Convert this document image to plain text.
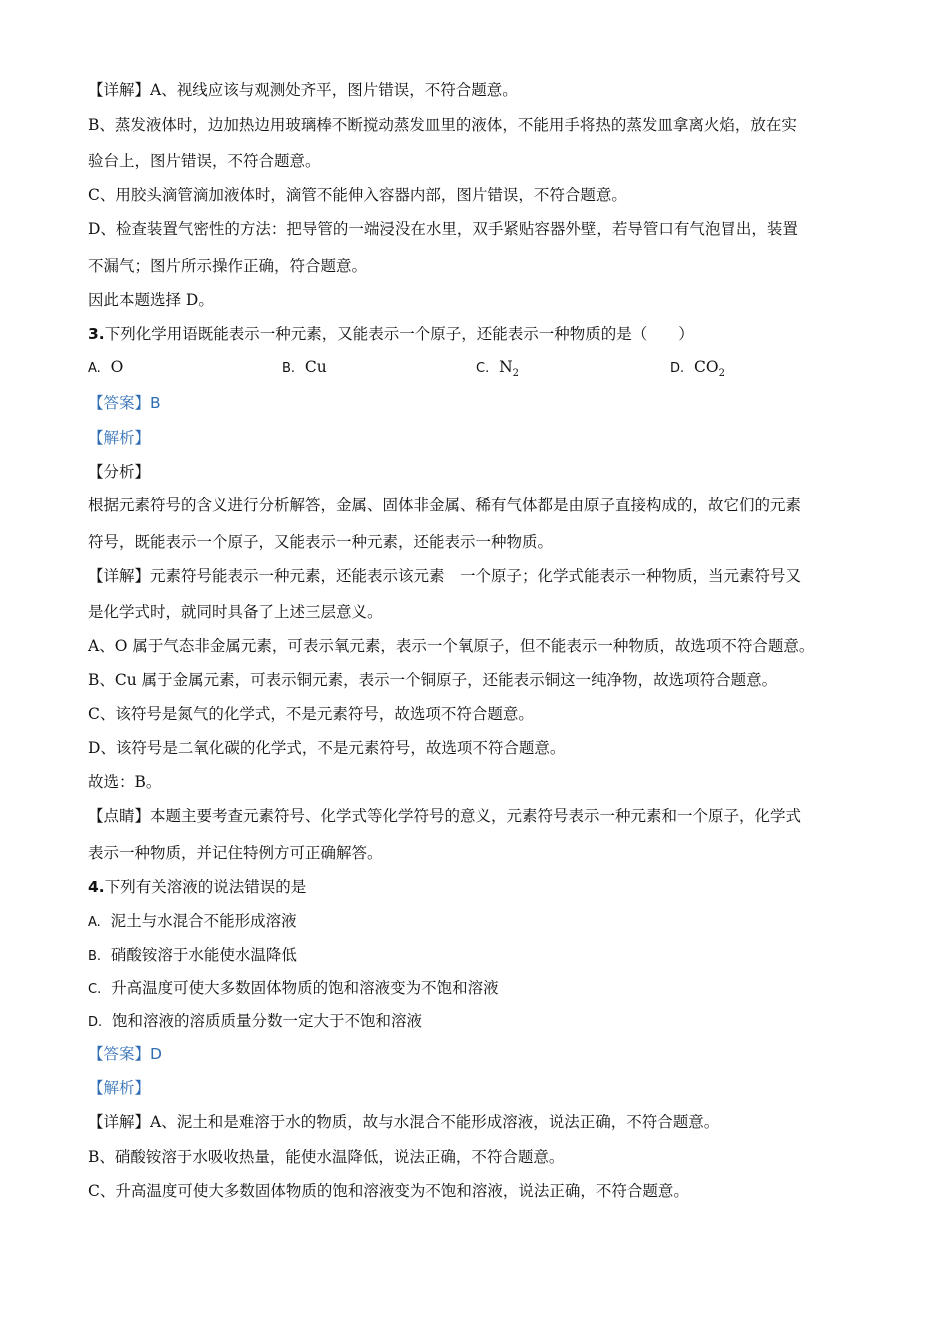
【详解】A、视线应该与观测处齐平，图片错误，不符合题意。
B、蒸发液体时，边加热边用玻璃棒不断搅动蒸发皿里的液体，不能用手将热的蒸发皿拿离火焰，放在实
验台上，图片错误，不符合题意。
C、用胶头滴管滴加液体时，滴管不能伸入容器内部，图片错误，不符合题意。
D、检查装置气密性的方法：把导管的一端浸没在水里，双手紧贴容器外壁，若导管口有气泡冒出，装置
不漏气；图片所示操作正确，符合题意。
因此本题选择 D。
3.下列化学用语既能表示一种元素，又能表示一个原子，还能表示一种物质的是（　　）
A. O	B. Cu	C. $N_2$	D. $CO_2$
【答案】B
【解析】
【分析】
根据元素符号的含义进行分析解答，金属、固体非金属、稀有气体都是由原子直接构成的，故它们的元素
符号，既能表示一个原子，又能表示一种元素，还能表示一种物质。
【详解】元素符号能表示一种元素，还能表示该元素　一个原子；化学式能表示一种物质，当元素符号又
是化学式时，就同时具备了上述三层意义。
A、O 属于气态非金属元素，可表示氧元素，表示一个氧原子，但不能表示一种物质，故选项不符合题意。
B、Cu 属于金属元素，可表示铜元素，表示一个铜原子，还能表示铜这一纯净物，故选项符合题意。
C、该符号是氮气的化学式，不是元素符号，故选项不符合题意。
D、该符号是二氧化碳的化学式，不是元素符号，故选项不符合题意。
故选：B。
【点睛】本题主要考查元素符号、化学式等化学符号的意义，元素符号表示一种元素和一个原子，化学式
表示一种物质，并记住特例方可正确解答。
4.下列有关溶液的说法错误的是
A. 泥土与水混合不能形成溶液
B. 硝酸铵溶于水能使水温降低
C. 升高温度可使大多数固体物质的饱和溶液变为不饱和溶液
D. 饱和溶液的溶质质量分数一定大于不饱和溶液
【答案】D
【解析】
【详解】A、泥土和是难溶于水的物质，故与水混合不能形成溶液，说法正确，不符合题意。
B、硝酸铵溶于水吸收热量，能使水温降低，说法正确，不符合题意。
C、升高温度可使大多数固体物质的饱和溶液变为不饱和溶液，说法正确，不符合题意。
